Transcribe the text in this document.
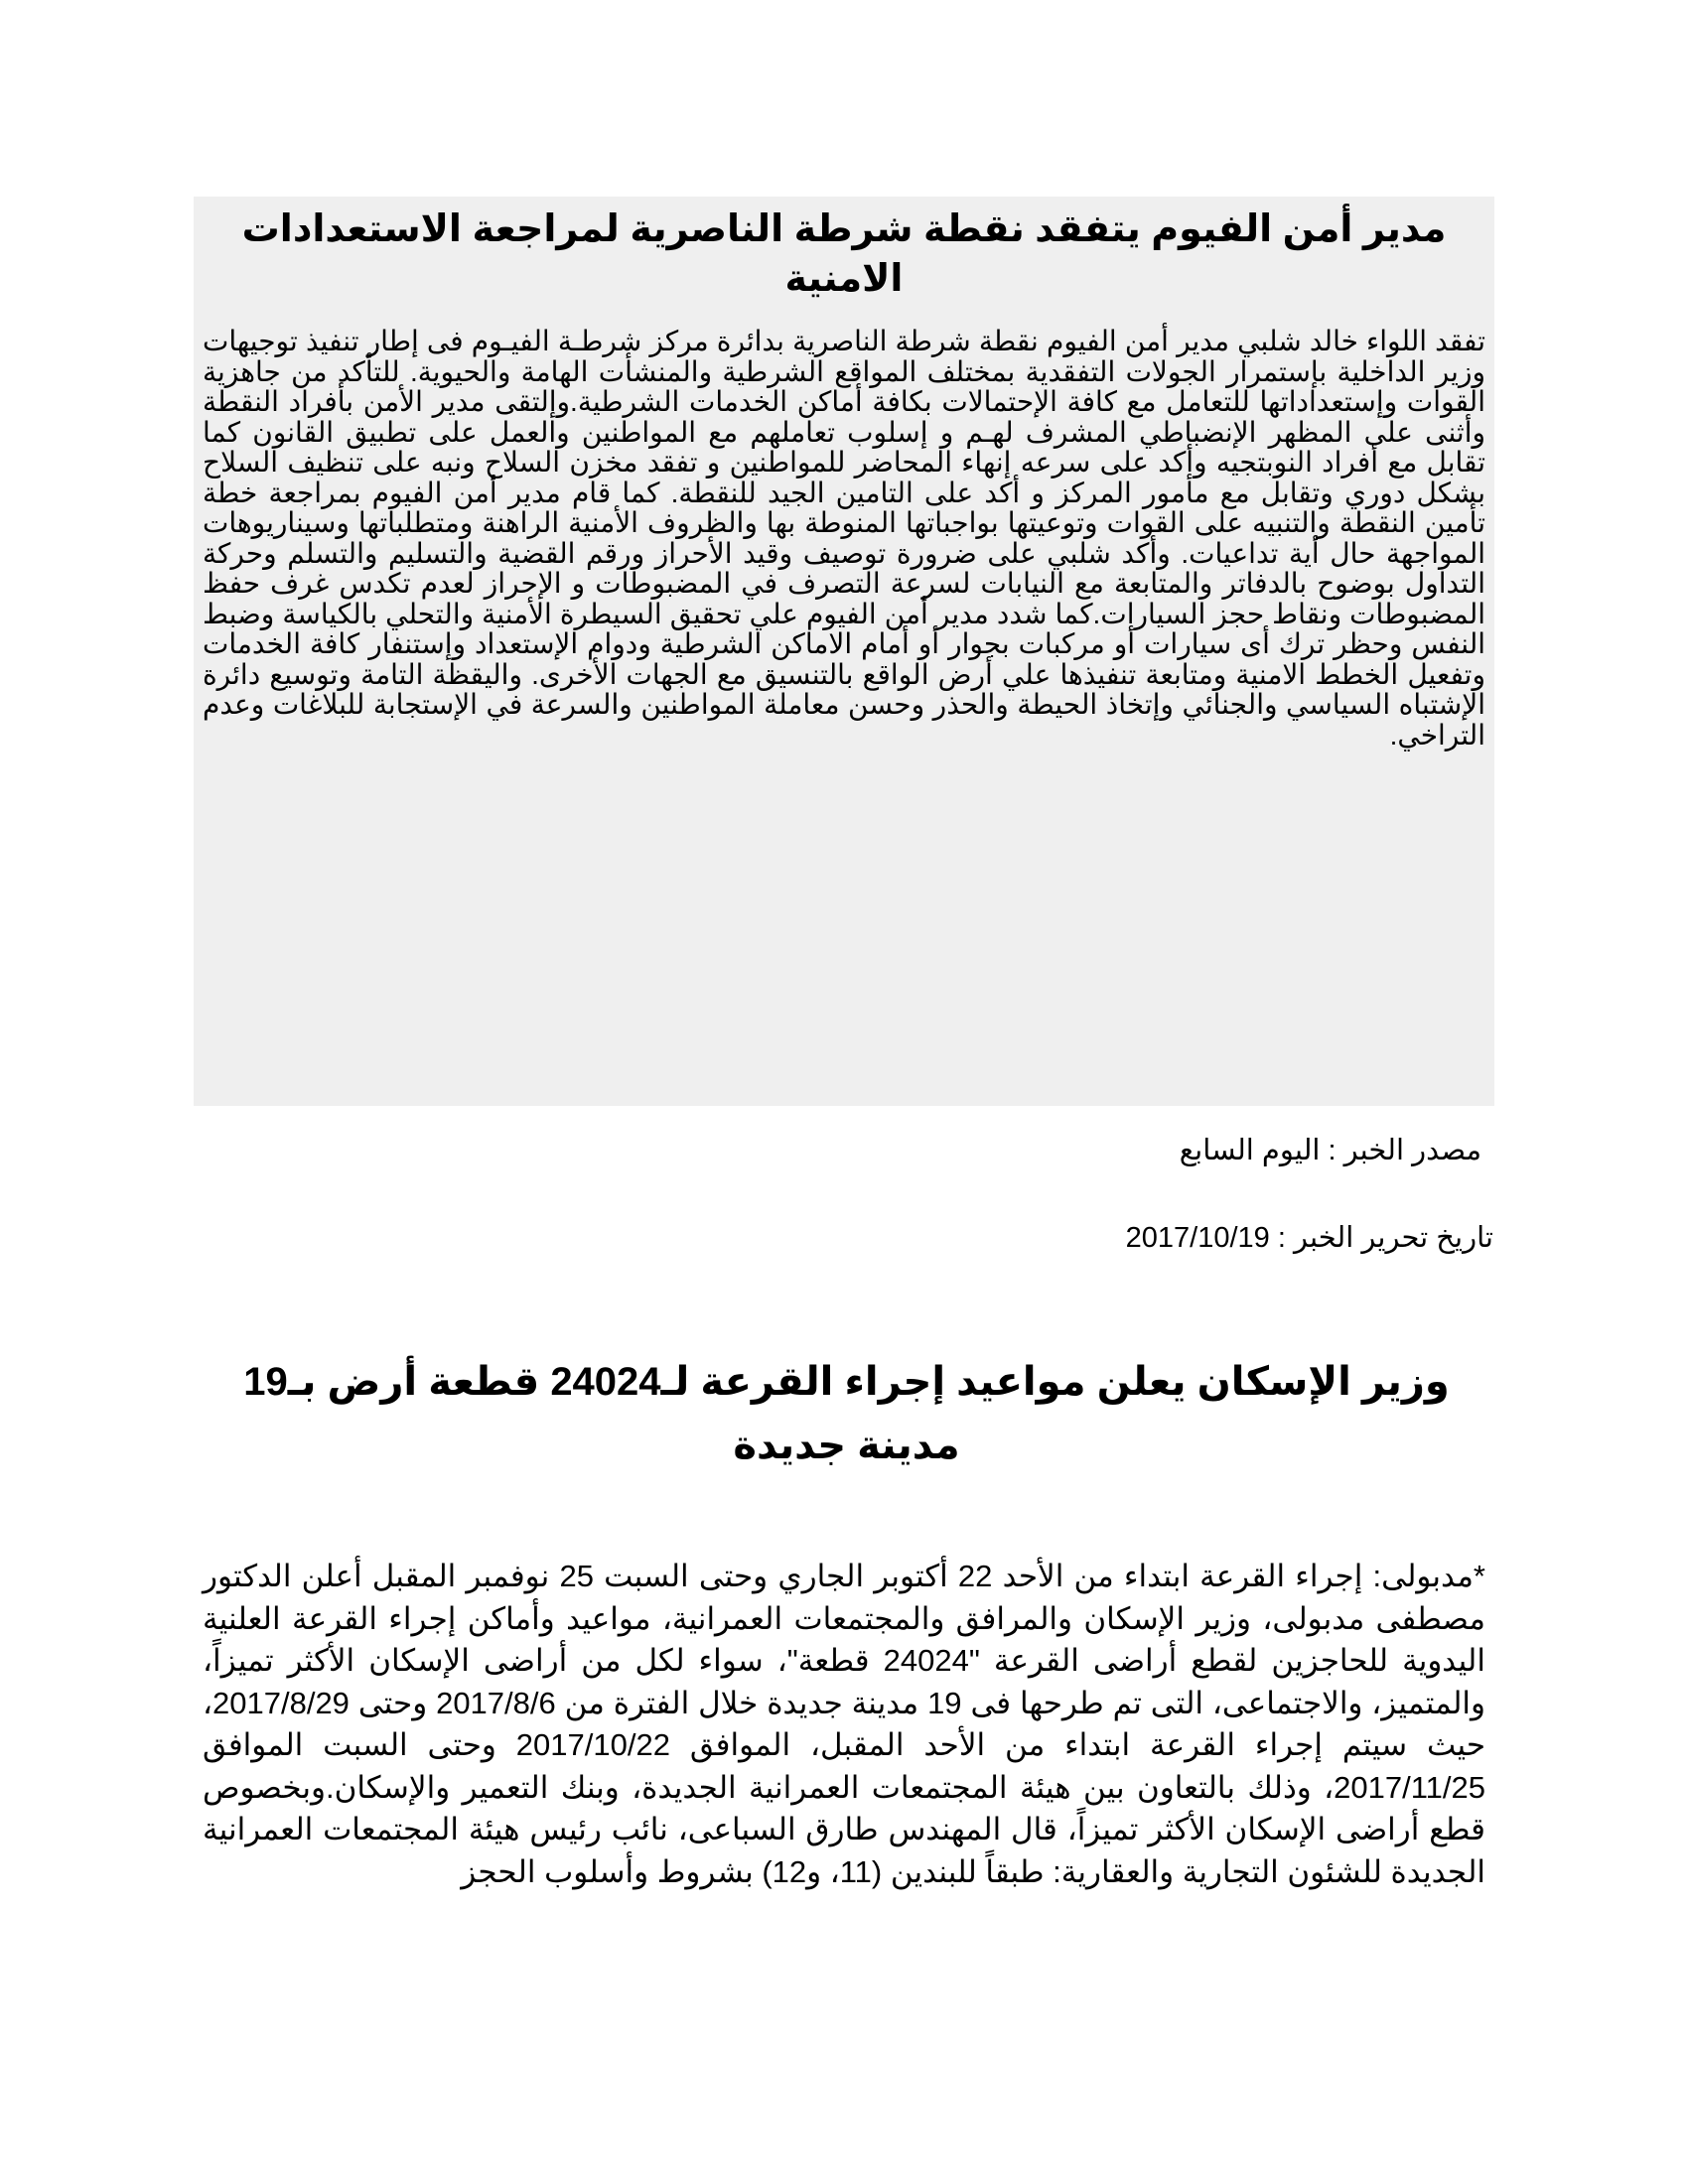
مدير أمن الفيوم يتفقد نقطة شرطة الناصرية لمراجعة الاستعدادات الامنية

تفقد اللواء خالد شلبي مدير أمن الفيوم نقطة شرطة الناصرية بدائرة مركز شرطـة الفيـوم فى إطار تنفيذ توجيهات وزير الداخلية بإستمرار الجولات التفقدية بمختلف المواقع الشرطية والمنشأت الهامة والحيوية. للتأكد من جاهزية القوات وإستعداداتها للتعامل مع كافة الإحتمالات بكافة أماكن الخدمات الشرطية.وإلتقى مدير الأمن بأفراد النقطة وأثنى على المظهر الإنضباطي المشرف لهـم و إسلوب تعاملهم مع المواطنين والعمل على تطبيق القانون كما تقابل مع أفراد النوبتجيه وأكد على سرعه إنهاء المحاضر للمواطنين و تفقد مخزن السلاح ونبه على تنظيف السلاح بشكل دوري وتقابل مع مأمور المركز و أكد على التامين الجيد للنقطة. كما قام مدير أمن الفيوم بمراجعة خطة تأمين النقطة والتنبيه على القوات وتوعيتها بواجباتها المنوطة بها والظروف الأمنية الراهنة ومتطلباتها وسيناريوهات المواجهة حال أية تداعيات. وأكد شلبي على ضرورة توصيف وقيد الأحراز ورقم القضية والتسليم والتسلم وحركة التداول بوضوح بالدفاتر والمتابعة مع النيابات لسرعة التصرف في المضبوطات و الإحراز لعدم تكدس غرف حفظ المضبوطات ونقاط حجز السيارات.كما شدد مدير أمن الفيوم علي تحقيق السيطرة الأمنية والتحلي بالكياسة وضبط النفس وحظر ترك أى سيارات أو مركبات بجوار أو أمام الاماكن الشرطية ودوام الإستعداد وإستنفار كافة الخدمات وتفعيل الخطط الامنية ومتابعة تنفيذها علي أرض الواقع بالتنسيق مع الجهات الأخرى. واليقظة التامة وتوسيع دائرة الإشتباه السياسي والجنائي وإتخاذ الحيطة والحذر وحسن معاملة المواطنين والسرعة في الإستجابة للبلاغات وعدم التراخي.

مصدر الخبر : اليوم السابع

تاريخ تحرير الخبر : 2017/10/19

وزير الإسكان يعلن مواعيد إجراء القرعة لـ24024 قطعة أرض بـ19 مدينة جديدة

*مدبولى: إجراء القرعة ابتداء من الأحد 22 أكتوبر الجاري وحتى السبت 25 نوفمبر المقبل أعلن الدكتور مصطفى مدبولى، وزير الإسكان والمرافق والمجتمعات العمرانية، مواعيد وأماكن إجراء القرعة العلنية اليدوية للحاجزين لقطع أراضى القرعة "24024 قطعة"، سواء لكل من أراضى الإسكان الأكثر تميزاً، والمتميز، والاجتماعى، التى تم طرحها فى 19 مدينة جديدة خلال الفترة من 2017/8/6 وحتى 2017/8/29، حيث سيتم إجراء القرعة ابتداء من الأحد المقبل، الموافق 2017/10/22 وحتى السبت الموافق 2017/11/25، وذلك بالتعاون بين هيئة المجتمعات العمرانية الجديدة، وبنك التعمير والإسكان.وبخصوص قطع أراضى الإسكان الأكثر تميزاً، قال المهندس طارق السباعى، نائب رئيس هيئة المجتمعات العمرانية الجديدة للشئون التجارية والعقارية: طبقاً للبندين (11، و12) بشروط وأسلوب الحجز
